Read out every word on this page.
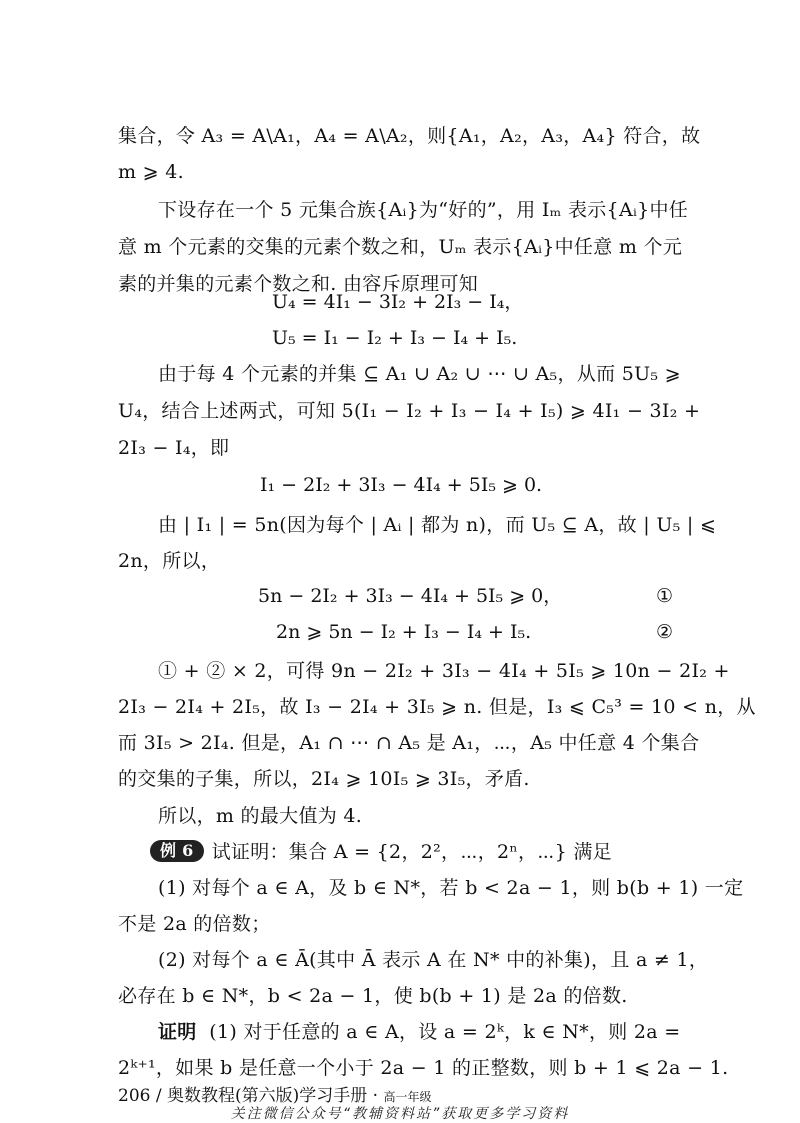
集合，令 A₃ = A\A₁，A₄ = A\A₂，则{A₁，A₂，A₃，A₄} 符合，故
m ⩾ 4.
下设存在一个 5 元集合族{Aᵢ}为“好的”，用 Iₘ 表示{Aᵢ}中任
意 m 个元素的交集的元素个数之和，Uₘ 表示{Aᵢ}中任意 m 个元
素的并集的元素个数之和. 由容斥原理可知
U₄ = 4I₁ − 3I₂ + 2I₃ − I₄，
U₅ = I₁ − I₂ + I₃ − I₄ + I₅.
由于每 4 个元素的并集 ⊆ A₁ ∪ A₂ ∪ ⋯ ∪ A₅，从而 5U₅ ⩾
U₄，结合上述两式，可知 5(I₁ − I₂ + I₃ − I₄ + I₅) ⩾ 4I₁ − 3I₂ +
2I₃ − I₄，即
I₁ − 2I₂ + 3I₃ − 4I₄ + 5I₅ ⩾ 0.
由 | I₁ | = 5n(因为每个 | Aᵢ | 都为 n)，而 U₅ ⊆ A，故 | U₅ | ⩽
2n，所以，
5n − 2I₂ + 3I₃ − 4I₄ + 5I₅ ⩾ 0，	①
2n ⩾ 5n − I₂ + I₃ − I₄ + I₅.	②
① + ② × 2，可得 9n − 2I₂ + 3I₃ − 4I₄ + 5I₅ ⩾ 10n − 2I₂ +
2I₃ − 2I₄ + 2I₅，故 I₃ − 2I₄ + 3I₅ ⩾ n. 但是，I₃ ⩽ C₅³ = 10 < n，从
而 3I₅ > 2I₄. 但是，A₁ ∩ ⋯ ∩ A₅ 是 A₁，⋯，A₅ 中任意 4 个集合
的交集的子集，所以，2I₄ ⩾ 10I₅ ⩾ 3I₅，矛盾.
所以，m 的最大值为 4.
例 6 试证明：集合 A = {2，2²，⋯，2ⁿ，⋯} 满足
(1) 对每个 a ∈ A，及 b ∈ N*，若 b < 2a − 1，则 b(b + 1) 一定
不是 2a 的倍数；
(2) 对每个 a ∈ Ā(其中 Ā 表示 A 在 N* 中的补集)，且 a ≠ 1，
必存在 b ∈ N*，b < 2a − 1，使 b(b + 1) 是 2a 的倍数.
证明 (1) 对于任意的 a ∈ A，设 a = 2ᵏ，k ∈ N*，则 2a =
2ᵏ⁺¹，如果 b 是任意一个小于 2a − 1 的正整数，则 b + 1 ⩽ 2a − 1.
206 / 奥数教程(第六版)学习手册 · 高一年级
关注微信公众号“教辅资料站”获取更多学习资料
